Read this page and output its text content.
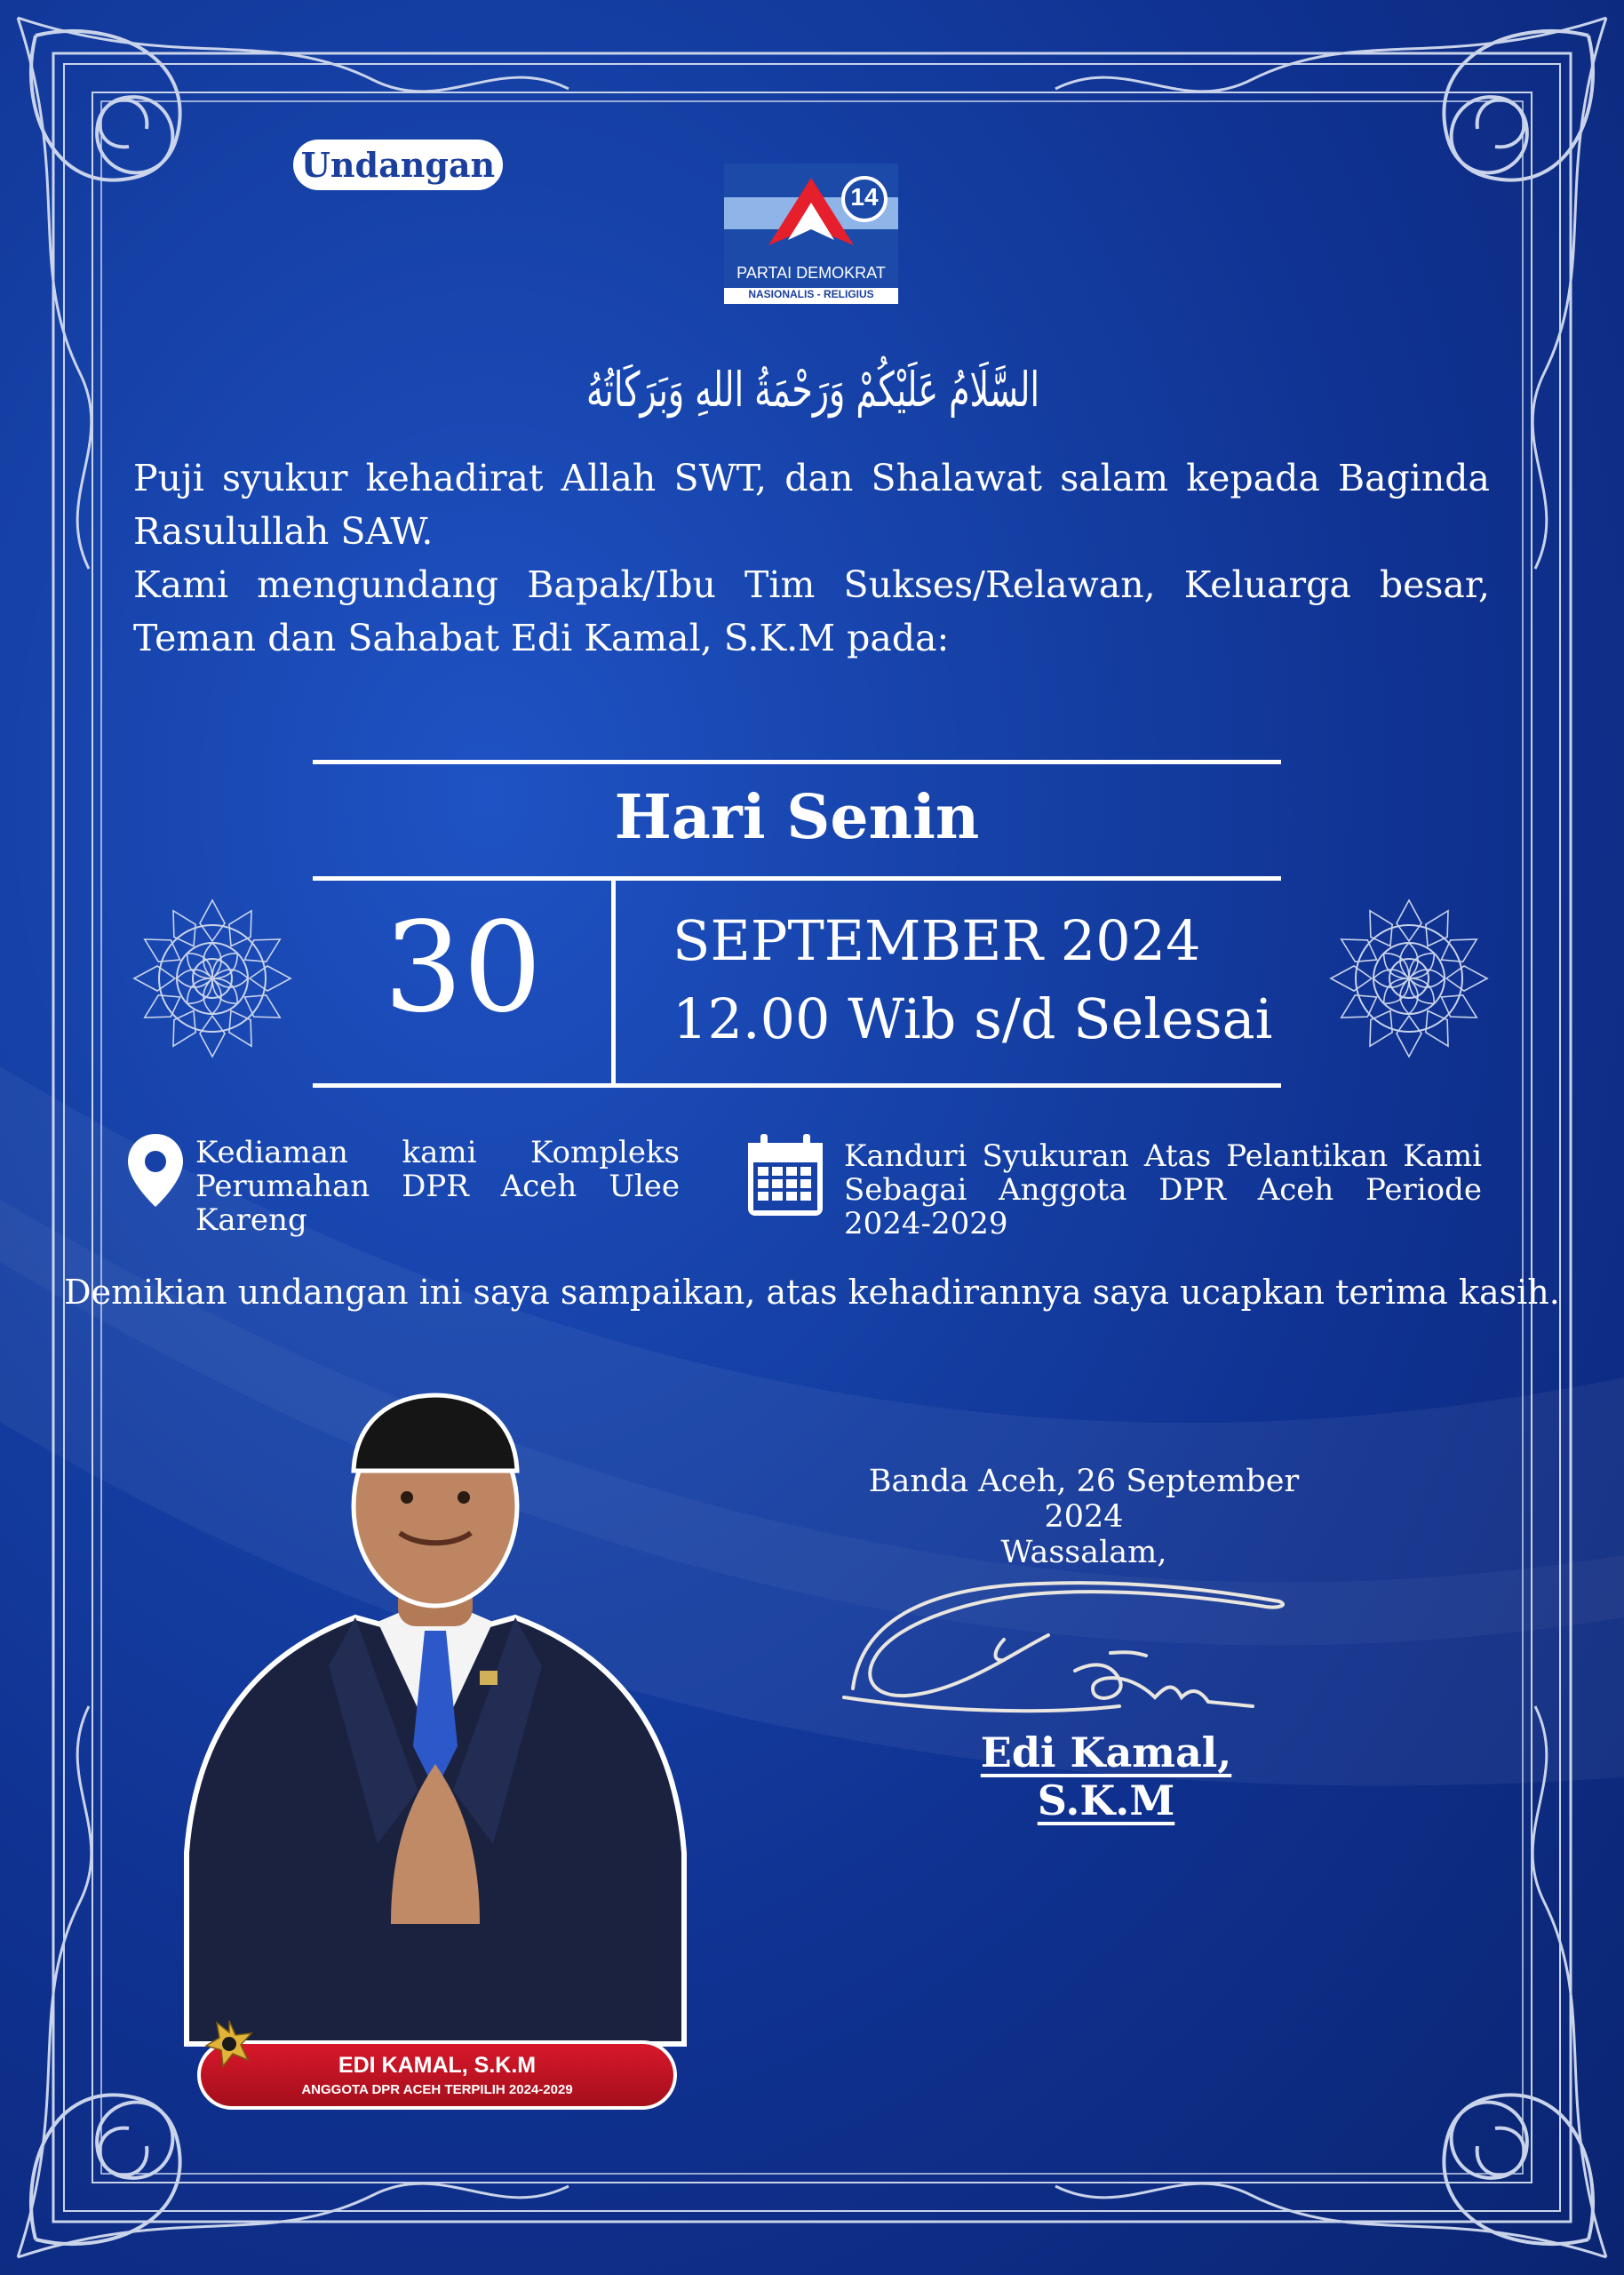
Undangan
14
PARTAI DEMOKRAT
NASIONALIS - RELIGIUS
السَّلَامُ عَلَيْكُمْ وَرَحْمَةُ اللهِ وَبَرَكَاتُهُ

Puji syukur kehadirat Allah SWT, dan Shalawat salam kepada Baginda Rasulullah SAW.

Kami mengundang Bapak/Ibu Tim Sukses/Relawan, Keluarga besar, Teman dan Sahabat Edi Kamal, S.K.M pada:

Hari Senin
30	SEPTEMBER 2024
12.00 Wib s/d Selesai
Kediaman kami Kompleks Perumahan DPR Aceh Ulee Kareng
Kanduri Syukuran Atas Pelantikan Kami Sebagai Anggota DPR Aceh Periode 2024-2029
Demikian undangan ini saya sampaikan, atas kehadirannya saya ucapkan terima kasih.
Banda Aceh, 26 September 2024
Wassalam,
Edi Kamal, S.K.M
EDI KAMAL, S.K.M
ANGGOTA DPR ACEH TERPILIH 2024-2029
